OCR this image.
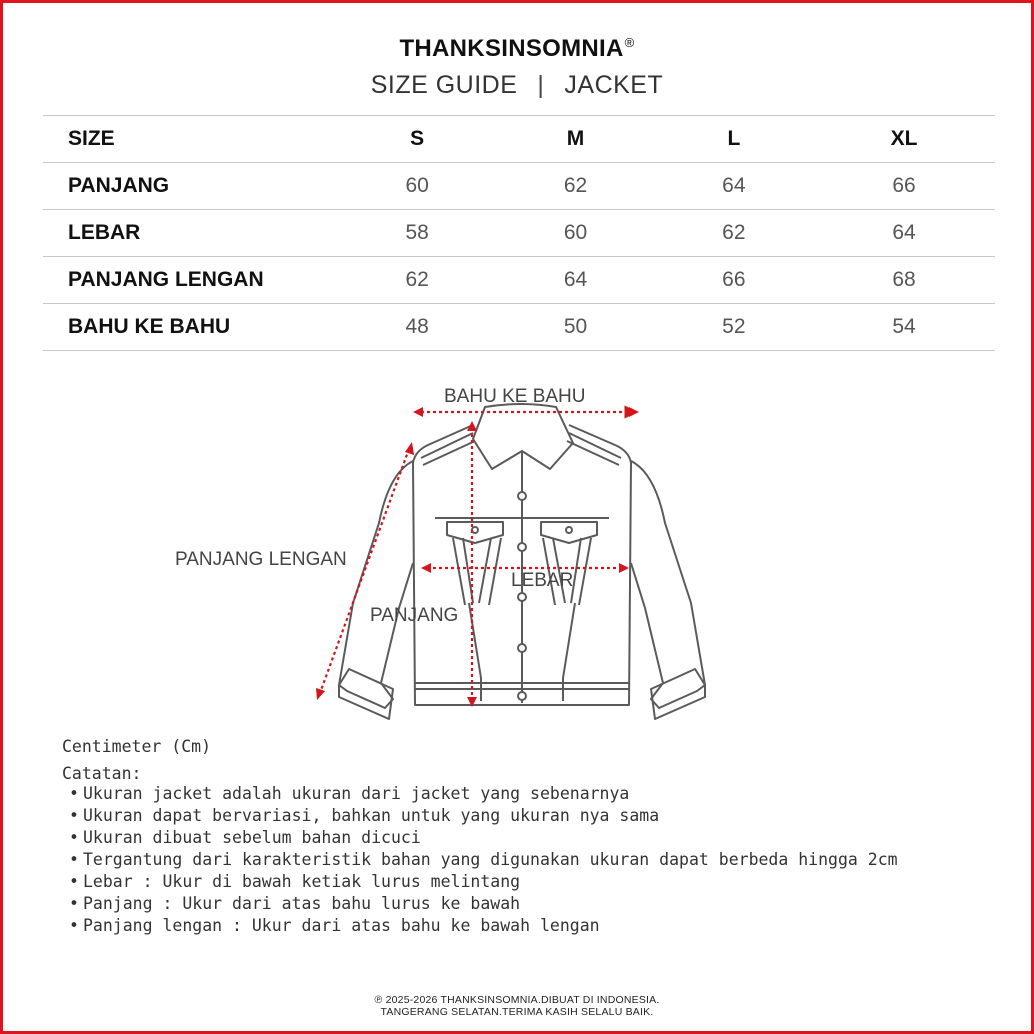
THANKSINSOMNIA®
SIZE GUIDE | JACKET
SIZE	S	M	L	XL
PANJANG	60	62	64	66
LEBAR	58	60	62	64
PANJANG LENGAN	62	64	66	68
BAHU KE BAHU	48	50	52	54
BAHU KE BAHU
PANJANG LENGAN
LEBAR
PANJANG
Centimeter (Cm)
Catatan:
• Ukuran jacket adalah ukuran dari jacket yang sebenarnya
• Ukuran dapat bervariasi, bahkan untuk yang ukuran nya sama
• Ukuran dibuat sebelum bahan dicuci
• Tergantung dari karakteristik bahan yang digunakan ukuran dapat berbeda hingga 2cm
• Lebar : Ukur di bawah ketiak lurus melintang
• Panjang : Ukur dari atas bahu lurus ke bawah
• Panjang lengan : Ukur dari atas bahu ke bawah lengan
℗ 2025-2026 THANKSINSOMNIA.DIBUAT DI INDONESIA.
TANGERANG SELATAN.TERIMA KASIH SELALU BAIK.
